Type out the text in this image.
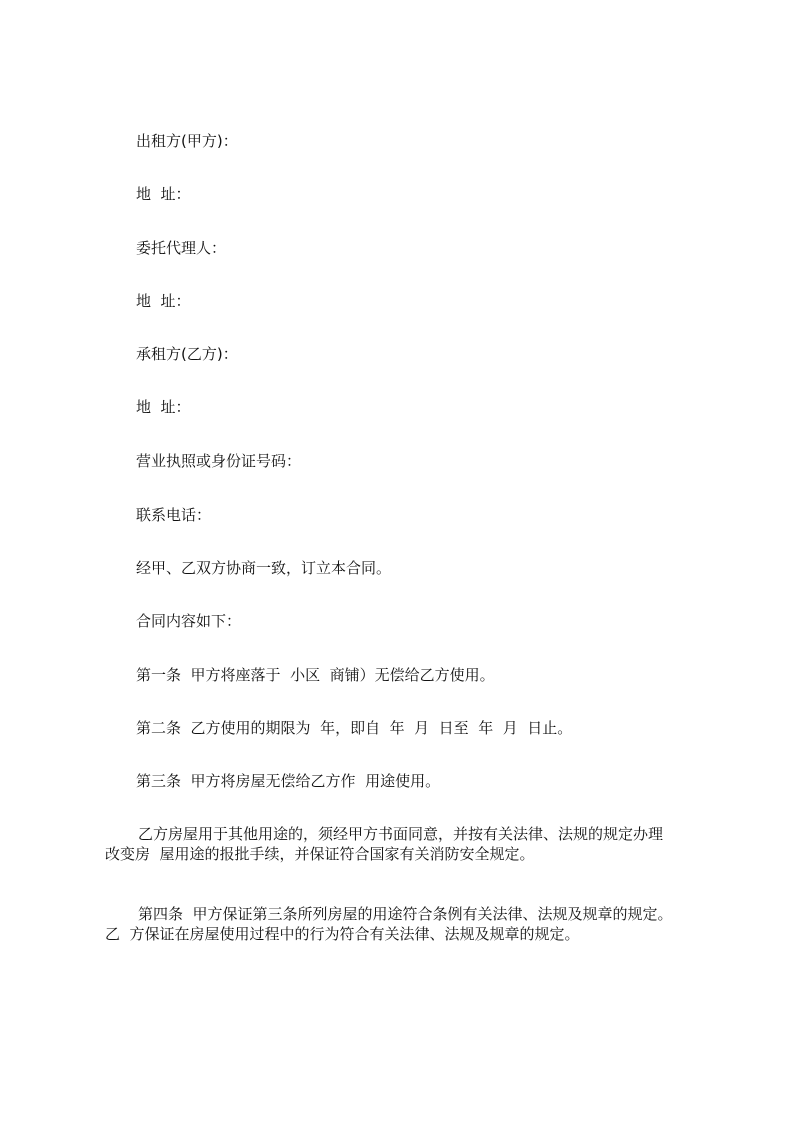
出租方(甲方)：

地  址：

委托代理人：

地  址：

承租方(乙方)：

地  址：

营业执照或身份证号码：

联系电话：

经甲、乙双方协商一致，订立本合同。

合同内容如下：

第一条  甲方将座落于  小区  商铺）无偿给乙方使用。

第二条  乙方使用的期限为  年，即自  年  月  日至  年  月  日止。

第三条  甲方将房屋无偿给乙方作  用途使用。

乙方房屋用于其他用途的，须经甲方书面同意，并按有关法律、法规的规定办理
改变房  屋用途的报批手续，并保证符合国家有关消防安全规定。
第四条  甲方保证第三条所列房屋的用途符合条例有关法律、法规及规章的规定。
乙  方保证在房屋使用过程中的行为符合有关法律、法规及规章的规定。
